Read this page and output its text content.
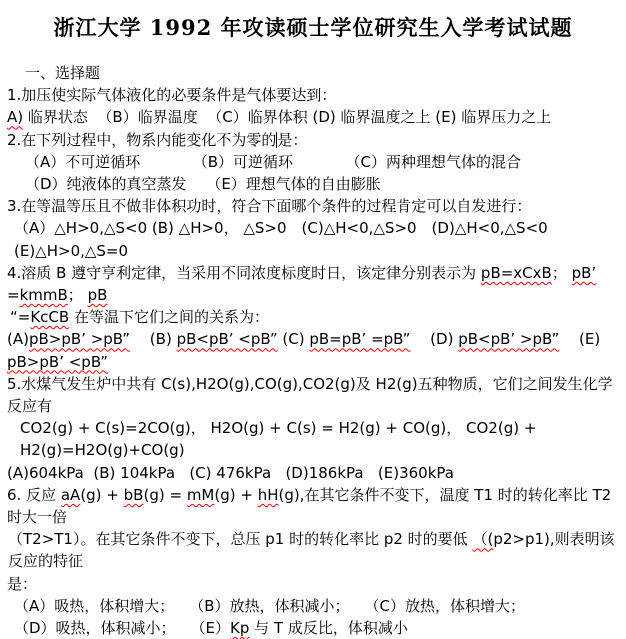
浙江大学 1992 年攻读硕士学位研究生入学考试试题
一、选择题
1.加压使实际气体液化的必要条件是气体要达到：
A) 临界状态  （B）临界温度  （C）临界体积 (D) 临界温度之上 (E) 临界压力之上
2.在下列过程中，物系内能变化不为零的是：
（A）不可逆循环　　　　（B）可逆循环　　　　（C）两种理想气体的混合
（D）纯液体的真空蒸发　 （E）理想气体的自由膨胀
3.在等温等压且不做非体积功时，符合下面哪个条件的过程肯定可以自发进行：
（A）△H>0,△S<0 (B) △H>0， △S>0　(C)△H<0,△S>0　(D)△H<0,△S<0 (E)△H>0,△S=0
4.溶质 B 遵守亨利定律，当采用不同浓度标度时日，该定律分别表示为 pB=xCxB； pB’ =kmmB； pB
“=KcCB 在等温下它们之间的关系为：
(A)pB>pB’ >pB”　 (B) pB<pB’ <pB” (C) pB=pB’ =pB”　 (D) pB<pB’ >pB”　 (E) pB>pB’ <pB”
5.水煤气发生炉中共有 C(s),H2O(g),CO(g),CO2(g)及 H2(g)五种物质，它们之间发生化学反应有
CO2(g) + C(s)=2CO(g)， H2O(g) + C(s) = H2(g) + CO(g)， CO2(g) + H2(g)=H2O(g)+CO(g)
(A)604kPa  (B) 104kPa   (C) 476kPa   (D)186kPa   (E)360kPa
6. 反应 aA(g) + bB(g) = mM(g) + hH(g),在其它条件不变下，温度 T1 时的转化率比 T2 时大一倍
（T2>T1）。在其它条件不变下，总压 p1 时的转化率比 p2 时的要低 （(p2>p1),则表明该反应的特征
是：
（A）吸热，体积增大；　　（B）放热，体积减小；　　（C）放热，体积增大；
（D）吸热，体积减小；　　（E）Kp 与 T 成反比，体积减小
